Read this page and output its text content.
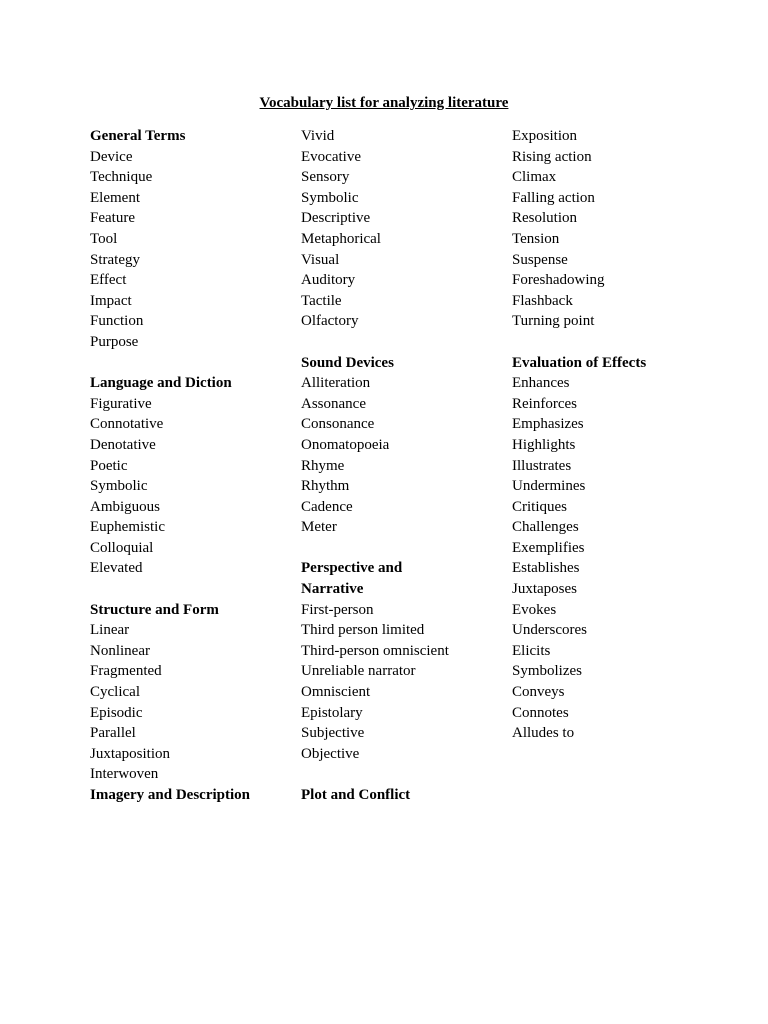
Vocabulary list for analyzing literature
General Terms
Device
Technique
Element
Feature
Tool
Strategy
Effect
Impact
Function
Purpose
Language and Diction
Figurative
Connotative
Denotative
Poetic
Symbolic
Ambiguous
Euphemistic
Colloquial
Elevated
Structure and Form
Linear
Nonlinear
Fragmented
Cyclical
Episodic
Parallel
Juxtaposition
Interwoven
Imagery and Description
Vivid
Evocative
Sensory
Symbolic
Descriptive
Metaphorical
Visual
Auditory
Tactile
Olfactory
Sound Devices
Alliteration
Assonance
Consonance
Onomatopoeia
Rhyme
Rhythm
Cadence
Meter
Perspective and
Narrative
First-person
Third person limited
Third-person omniscient
Unreliable narrator
Omniscient
Epistolary
Subjective
Objective
Plot and Conflict
Exposition
Rising action
Climax
Falling action
Resolution
Tension
Suspense
Foreshadowing
Flashback
Turning point
Evaluation of Effects
Enhances
Reinforces
Emphasizes
Highlights
Illustrates
Undermines
Critiques
Challenges
Exemplifies
Establishes
Juxtaposes
Evokes
Underscores
Elicits
Symbolizes
Conveys
Connotes
Alludes to
